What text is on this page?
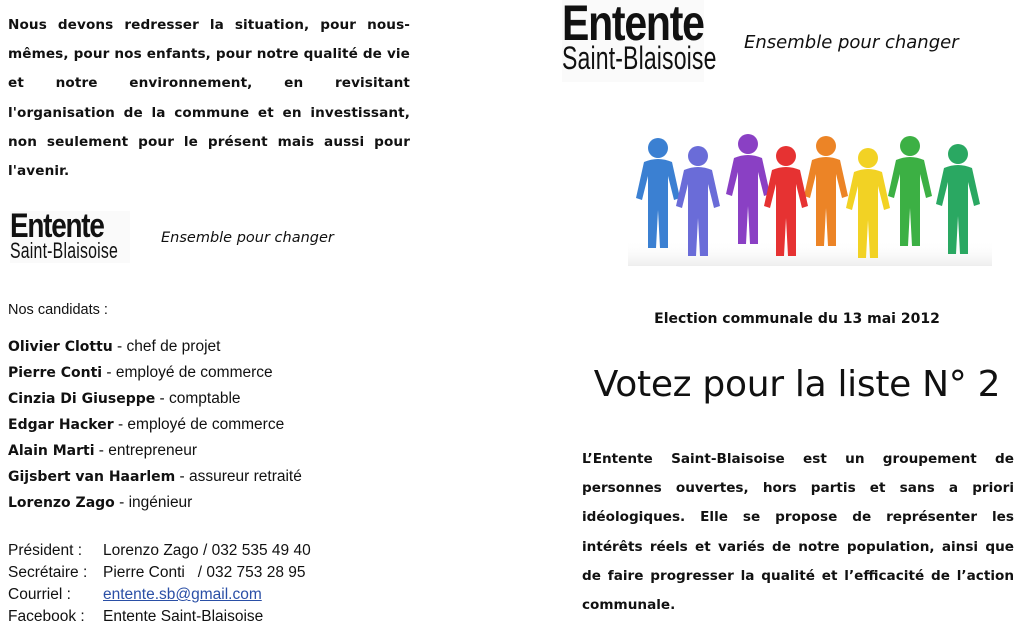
Nous devons redresser la situation, pour nous-mêmes, pour nos enfants, pour notre qualité de vie et notre environnement, en revisitant l'organisation de la commune et en investissant, non seulement pour le présent mais aussi pour l'avenir.

Entente
Saint-Blaisoise	Ensemble pour changer
Nos candidats :
Olivier Clottu - chef de projet
Pierre Conti - employé de commerce
Cinzia Di Giuseppe - comptable
Edgar Hacker - employé de commerce
Alain Marti - entrepreneur
Gijsbert van Haarlem - assureur retraité
Lorenzo Zago - ingénieur
Président :	Lorenzo Zago / 032 535 49 40
Secrétaire :	Pierre Conti   / 032 753 28 95
Courriel :	entente.sb@gmail.com
Facebook :	Entente Saint-Blaisoise
Entente
Saint-Blaisoise Ensemble pour changer
Election communale du 13 mai 2012
Votez pour la liste N° 2

L’Entente Saint-Blaisoise est un groupement de personnes ouvertes, hors partis et sans a priori idéologiques. Elle se propose de représenter les intérêts réels et variés de notre population, ainsi que de faire progresser la qualité et l’efficacité de l’action communale.
